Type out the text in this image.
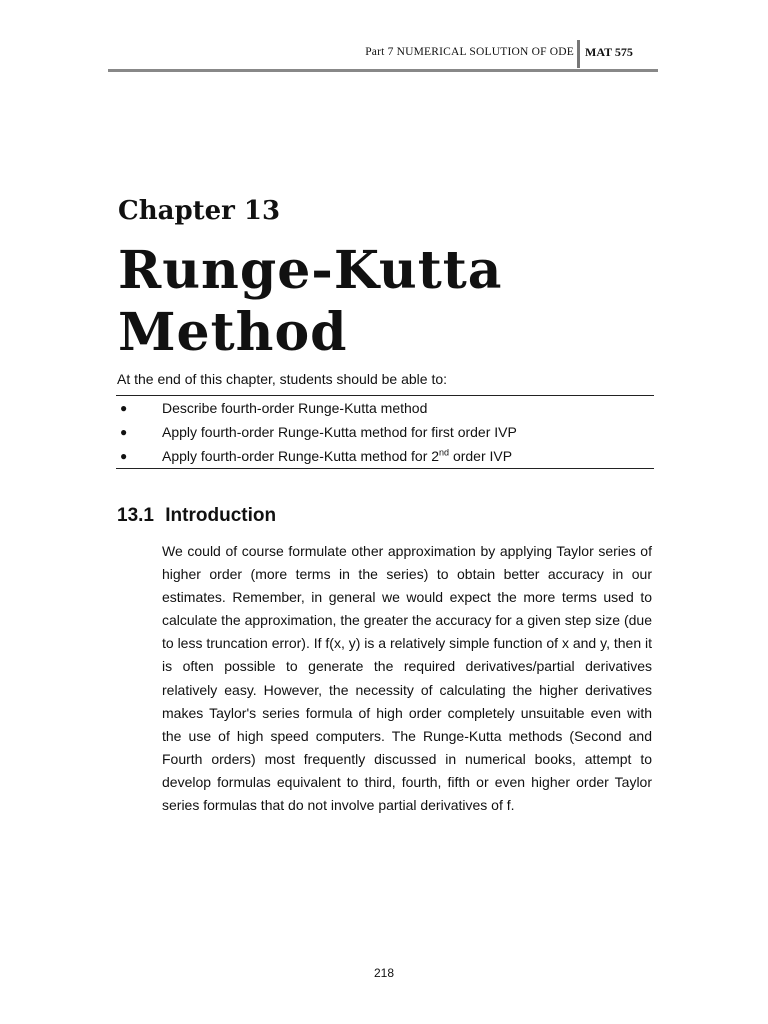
Part 7 NUMERICAL SOLUTION OF ODE MAT 575
Chapter 13
Runge-Kutta Method
At the end of this chapter, students should be able to:
● Describe fourth-order Runge-Kutta method
● Apply fourth-order Runge-Kutta method for first order IVP
● Apply fourth-order Runge-Kutta method for 2nd order IVP
13.1 Introduction

We could of course formulate other approximation by applying Taylor series of higher order (more terms in the series) to obtain better accuracy in our estimates. Remember, in general we would expect the more terms used to calculate the approximation, the greater the accuracy for a given step size (due to less truncation error). If f(x, y) is a relatively simple function of x and y, then it is often possible to generate the required derivatives/partial derivatives relatively easy. However, the necessity of calculating the higher derivatives makes Taylor's series formula of high order completely unsuitable even with the use of high speed computers. The Runge-Kutta methods (Second and Fourth orders) most frequently discussed in numerical books, attempt to develop formulas equivalent to third, fourth, fifth or even higher order Taylor series formulas that do not involve partial derivatives of f.

218
